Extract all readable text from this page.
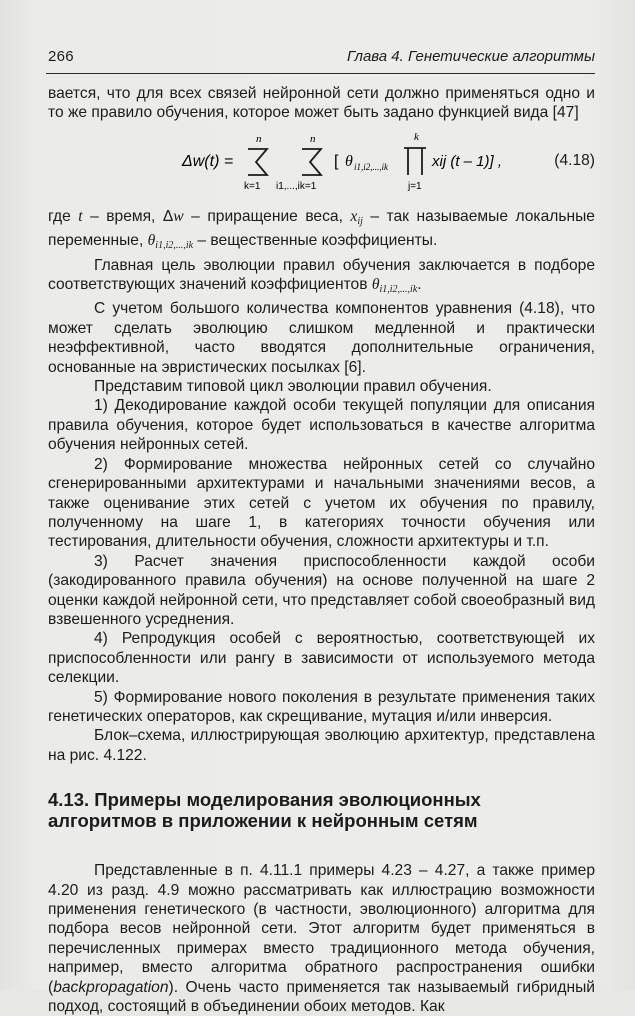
266	Глава 4. Генетические алгоритмы

вается, что для всех связей нейронной сети должно применяться одно и то же правило обучения, которое может быть задано функцией вида [47]

Δw(t) =
n
k=1
n
i1,...,ik=1
[ θ i1,i2,...,ik
k
j=1
xij (t – 1)] ,	(4.18)

где t – время, Δw – приращение веса, $x_{ij}$ – так называемые локальные переменные, $\theta_{i1,i2,...,ik}$ – вещественные коэффициенты.

Главная цель эволюции правил обучения заключается в подборе соответствующих значений коэффициентов $\theta_{i1,i2,...,ik}$.

С учетом большого количества компонентов уравнения (4.18), что может сделать эволюцию слишком медленной и практически неэффективной, часто вводятся дополнительные ограничения, основанные на эвристических посылках [6].

Представим типовой цикл эволюции правил обучения.

1) Декодирование каждой особи текущей популяции для описания правила обучения, которое будет использоваться в качестве алгоритма обучения нейронных сетей.

2) Формирование множества нейронных сетей со случайно сгенерированными архитектурами и начальными значениями весов, а также оценивание этих сетей с учетом их обучения по правилу, полученному на шаге 1, в категориях точности обучения или тестирования, длительности обучения, сложности архитектуры и т.п.

3) Расчет значения приспособленности каждой особи (закодированного правила обучения) на основе полученной на шаге 2 оценки каждой нейронной сети, что представляет собой своеобразный вид взвешенного усреднения.

4) Репродукция особей с вероятностью, соответствующей их приспособленности или рангу в зависимости от используемого метода селекции.

5) Формирование нового поколения в результате применения таких генетических операторов, как скрещивание, мутация и/или инверсия.

Блок–схема, иллюстрирующая эволюцию архитектур, представлена на рис. 4.122.

4.13. Примеры моделирования эволюционных
алгоритмов в приложении к нейронным сетям

Представленные в п. 4.11.1 примеры 4.23 – 4.27, а также пример 4.20 из разд. 4.9 можно рассматривать как иллюстрацию возможности применения генетического (в частности, эволюционного) алгоритма для подбора весов нейронной сети. Этот алгоритм будет применяться в перечисленных примерах вместо традиционного метода обучения, например, вместо алгоритма обратного распространения ошибки (backpropagation). Очень часто применяется так называемый гибридный подход, состоящий в объединении обоих методов. Как
